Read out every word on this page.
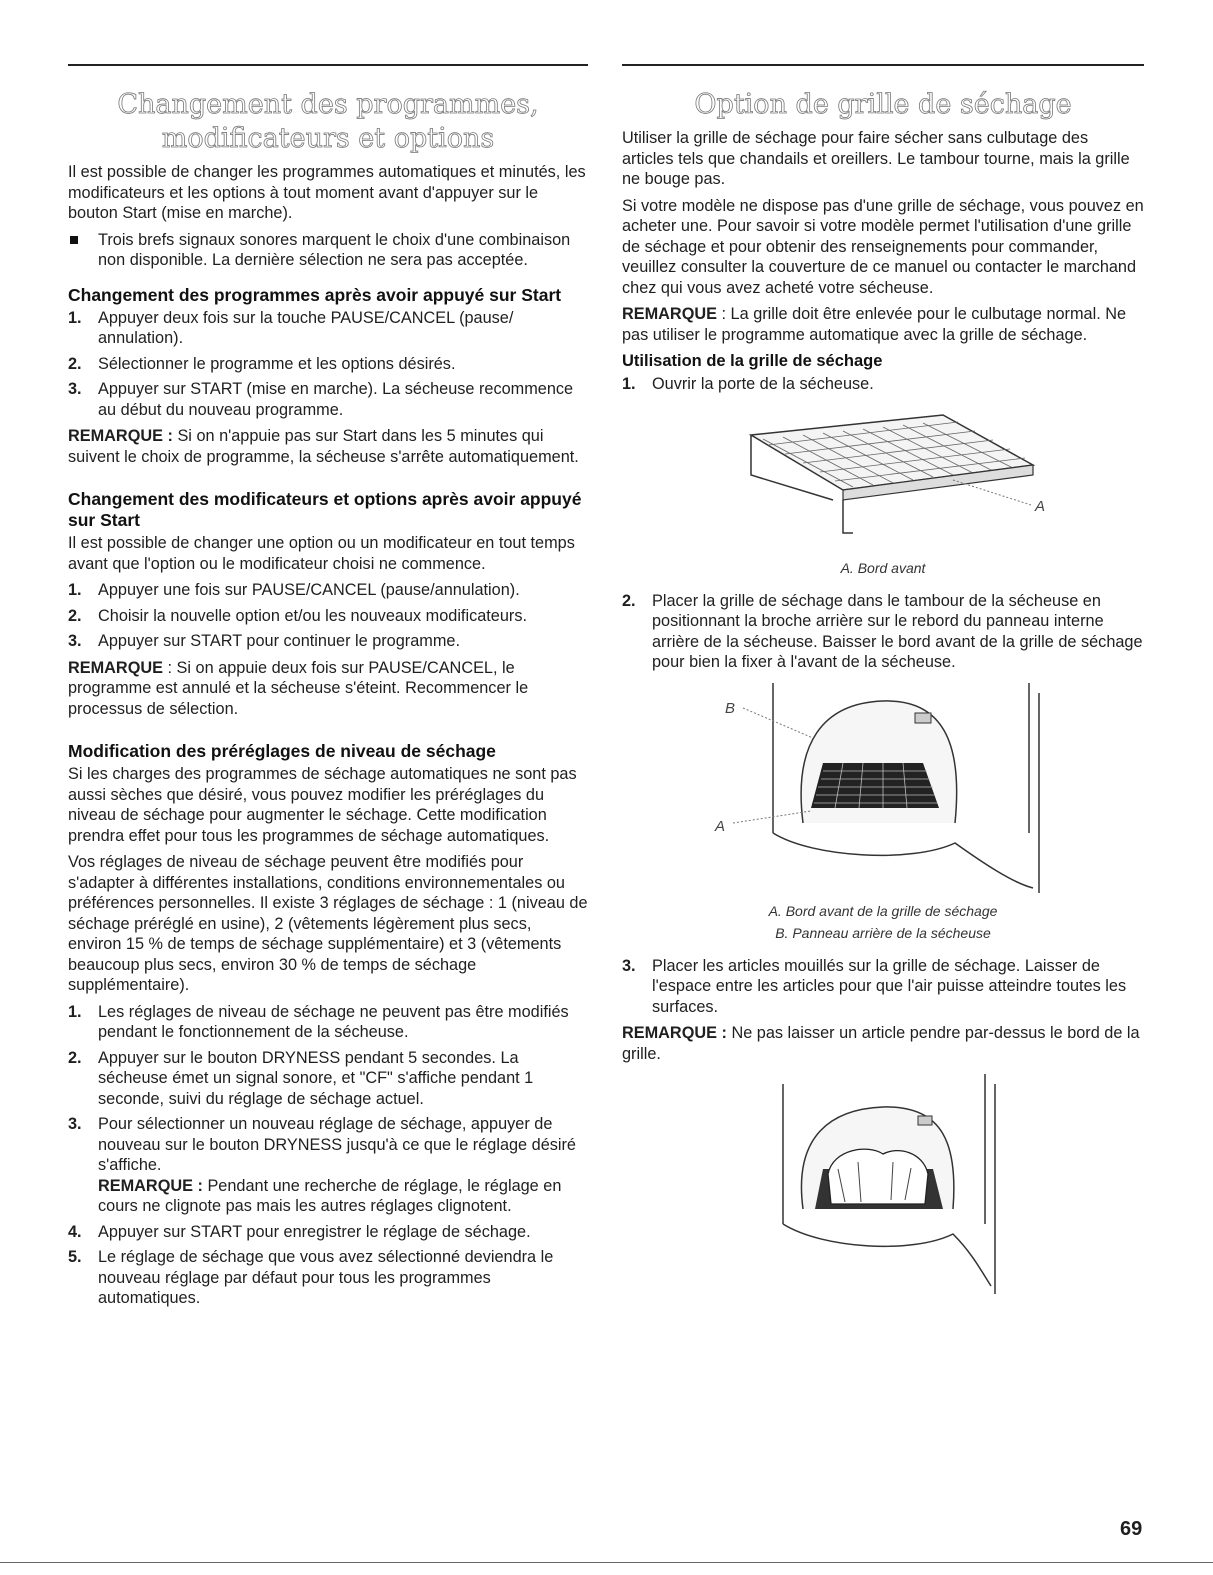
Changement des programmes, modificateurs et options

Il est possible de changer les programmes automatiques et minutés, les modificateurs et les options à tout moment avant d'appuyer sur le bouton Start (mise en marche).

Trois brefs signaux sonores marquent le choix d'une combinaison non disponible. La dernière sélection ne sera pas acceptée.
Changement des programmes après avoir appuyé sur Start
1. Appuyer deux fois sur la touche PAUSE/CANCEL (pause/ annulation).
2. Sélectionner le programme et les options désirés.
3. Appuyer sur START (mise en marche). La sécheuse recommence au début du nouveau programme.

REMARQUE : Si on n'appuie pas sur Start dans les 5 minutes qui suivent le choix de programme, la sécheuse s'arrête automatiquement.

Changement des modificateurs et options après avoir appuyé sur Start

Il est possible de changer une option ou un modificateur en tout temps avant que l'option ou le modificateur choisi ne commence.

1. Appuyer une fois sur PAUSE/CANCEL (pause/annulation).
2. Choisir la nouvelle option et/ou les nouveaux modificateurs.
3. Appuyer sur START pour continuer le programme.

REMARQUE : Si on appuie deux fois sur PAUSE/CANCEL, le programme est annulé et la sécheuse s'éteint. Recommencer le processus de sélection.

Modification des préréglages de niveau de séchage

Si les charges des programmes de séchage automatiques ne sont pas aussi sèches que désiré, vous pouvez modifier les préréglages du niveau de séchage pour augmenter le séchage. Cette modification prendra effet pour tous les programmes de séchage automatiques.

Vos réglages de niveau de séchage peuvent être modifiés pour s'adapter à différentes installations, conditions environnementales ou préférences personnelles. Il existe 3 réglages de séchage : 1 (niveau de séchage préréglé en usine), 2 (vêtements légèrement plus secs, environ 15 % de temps de séchage supplémentaire) et 3 (vêtements beaucoup plus secs, environ 30 % de temps de séchage supplémentaire).

1. Les réglages de niveau de séchage ne peuvent pas être modifiés pendant le fonctionnement de la sécheuse.
2. Appuyer sur le bouton DRYNESS pendant 5 secondes. La sécheuse émet un signal sonore, et "CF" s'affiche pendant 1 seconde, suivi du réglage de séchage actuel.
3. Pour sélectionner un nouveau réglage de séchage, appuyer de nouveau sur le bouton DRYNESS jusqu'à ce que le réglage désiré s'affiche.
REMARQUE : Pendant une recherche de réglage, le réglage en cours ne clignote pas mais les autres réglages clignotent.
4. Appuyer sur START pour enregistrer le réglage de séchage.
5. Le réglage de séchage que vous avez sélectionné deviendra le nouveau réglage par défaut pour tous les programmes automatiques.
Option de grille de séchage

Utiliser la grille de séchage pour faire sécher sans culbutage des articles tels que chandails et oreillers. Le tambour tourne, mais la grille ne bouge pas.

Si votre modèle ne dispose pas d'une grille de séchage, vous pouvez en acheter une. Pour savoir si votre modèle permet l'utilisation d'une grille de séchage et pour obtenir des renseignements pour commander, veuillez consulter la couverture de ce manuel ou contacter le marchand chez qui vous avez acheté votre sécheuse.

REMARQUE : La grille doit être enlevée pour le culbutage normal. Ne pas utiliser le programme automatique avec la grille de séchage.

Utilisation de la grille de séchage
1. Ouvrir la porte de la sécheuse.
A
A. Bord avant
2. Placer la grille de séchage dans le tambour de la sécheuse en positionnant la broche arrière sur le rebord du panneau interne arrière de la sécheuse. Baisser le bord avant de la grille de séchage pour bien la fixer à l'avant de la sécheuse.
B
A
A. Bord avant de la grille de séchage
B. Panneau arrière de la sécheuse
3. Placer les articles mouillés sur la grille de séchage. Laisser de l'espace entre les articles pour que l'air puisse atteindre toutes les surfaces.

REMARQUE : Ne pas laisser un article pendre par-dessus le bord de la grille.

69
